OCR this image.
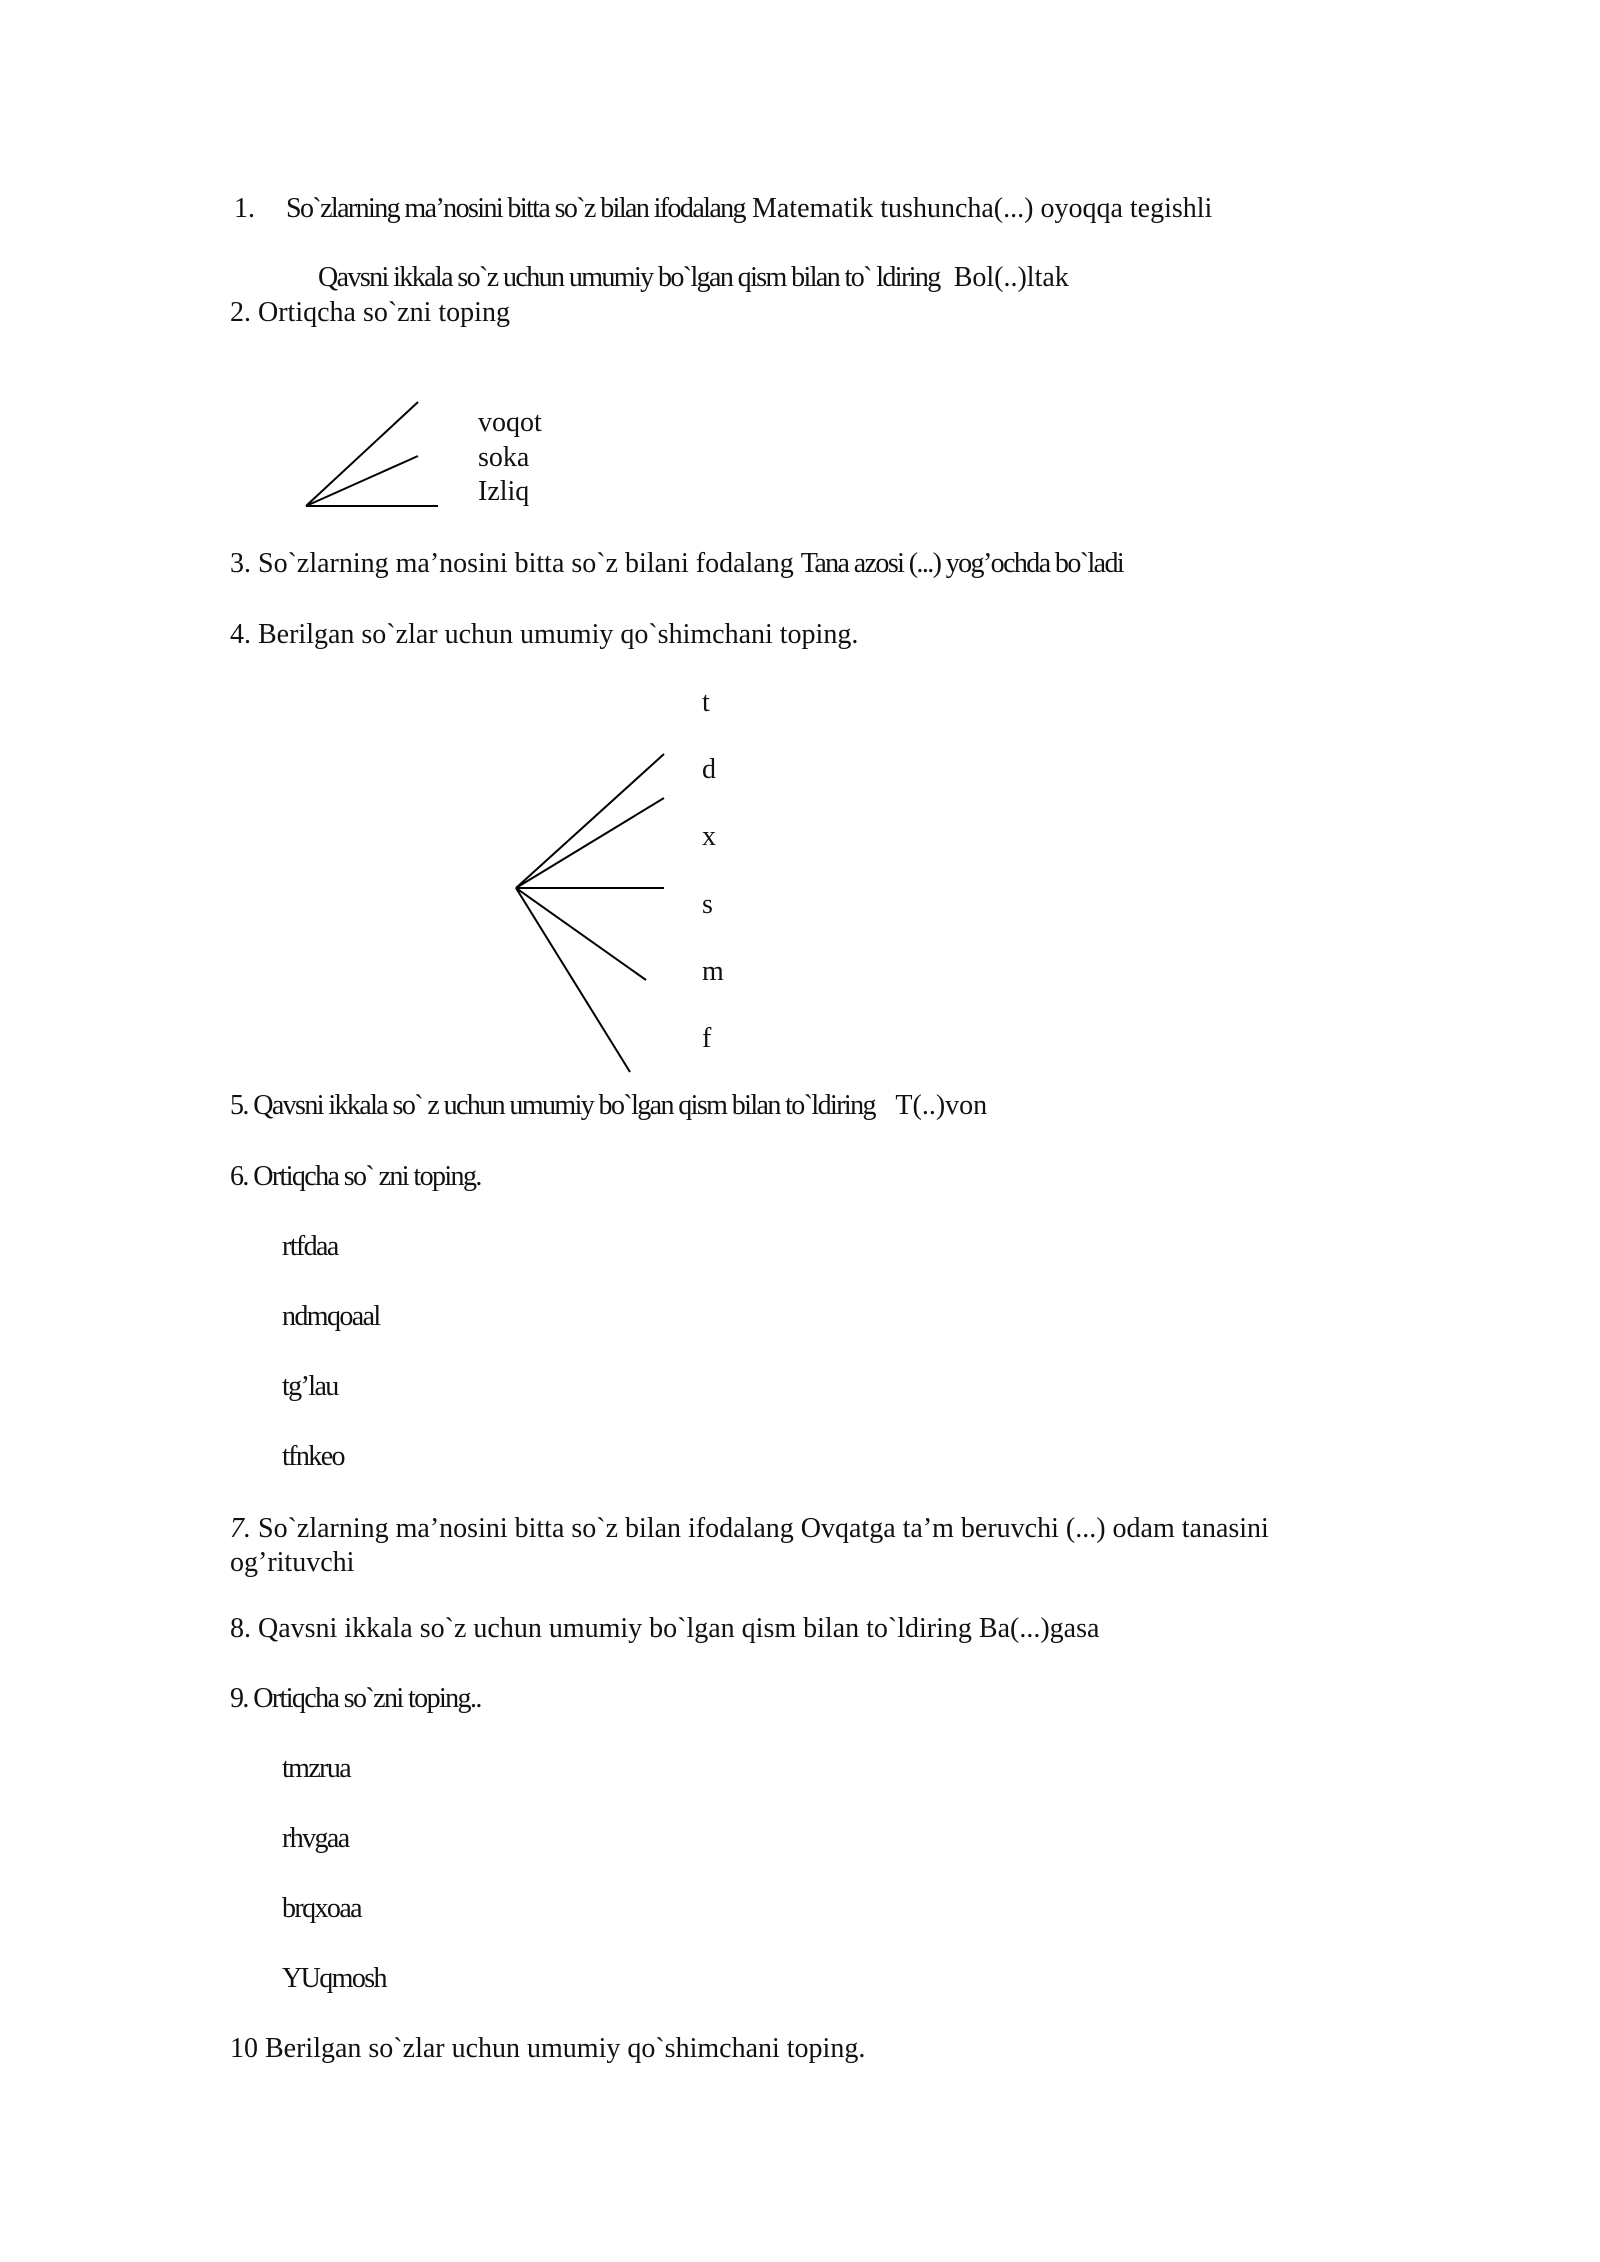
1. So`zlarning ma’nosini bitta so`z bilan ifodalang Matematik tushuncha(...) oyoqqa tegishli
Qavsni ikkala so`z uchun umumiy bo`lgan qism bilan to` ldiring Bol(..)ltak
2. Ortiqcha so`zni toping
voqot
soka
Izliq
3. So`zlarning ma’nosini bitta so`z bilani fodalang Tana azosi (...) yog’ochda bo`ladi
4. Berilgan so`zlar uchun umumiy qo`shimchani toping.
t
d
x
s
m
f
5. Qavsni ikkala so` z uchun umumiy bo`lgan qism bilan to`ldiring T(..)von
6. Ortiqcha so` zni toping.
rtfdaa
ndmqoaal
tg’lau
tfnkeo
7. So`zlarning ma’nosini bitta so`z bilan ifodalang Ovqatga ta’m beruvchi (...) odam tanasini
og’rituvchi
8. Qavsni ikkala so`z uchun umumiy bo`lgan qism bilan to`ldiring Ba(...)gasa
9. Ortiqcha so`zni toping..
tmzrua
rhvgaa
brqxoaa
YUqmosh
10 Berilgan so`zlar uchun umumiy qo`shimchani toping.
